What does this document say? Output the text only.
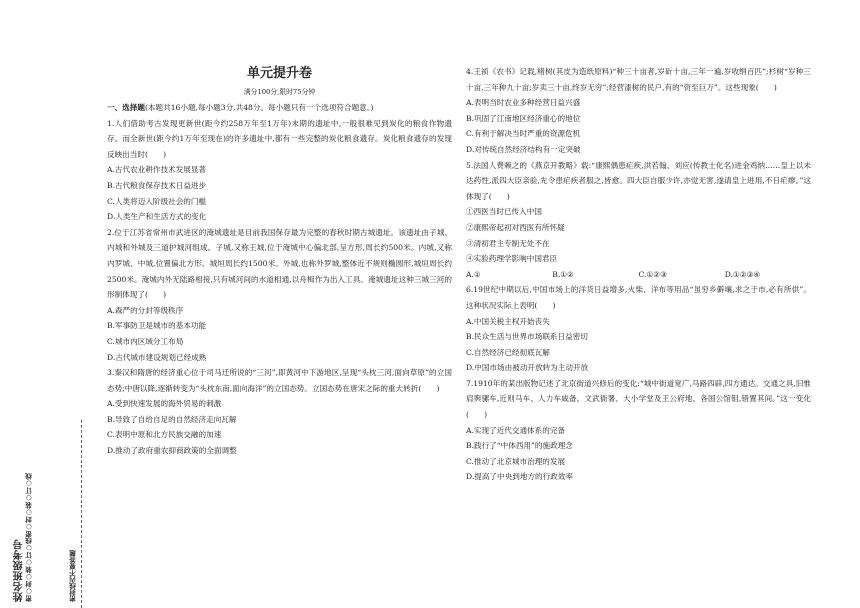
姓名班级考号 密○封○装○订○线密○封○装○订○线	密封线内不要答题
单元提升卷
满分100分,限时75分钟
一、选择题(本题共16小题,每小题3分,共48分。每小题只有一个选项符合题意。)

1.人们借助考古发现更新世(距今约258万年至1万年)末期的遗址中,一般很难见到炭化的粮食作物遗存。而全新世(距今约1万年至现在)的许多遗址中,都有一些完整的炭化粮食遗存。炭化粮食遗存的发现反映出当时(　　)

A.古代农业耕作技术发展显著
B.古代粮食保存技术日益进步
C.人类将迈入阶级社会的门槛
D.人类生产和生活方式的变化

2.位于江苏省常州市武进区的淹城遗址是目前我国保存最为完整的春秋时期古城遗址。该遗址由子城、内城和外城及三道护城河组成。子城,又称王城,位于淹城中心偏北部,呈方形,周长约500米。内城,又称内罗城、中城,位置偏北方形。城垣周长约1500米。外城,也称外罗城,整体近不规则椭圆形,城垣周长约2500米。淹城内外无陆路相接,只有城河间的水道相通,以舟楫作为出入工具。淹城遗址这种三城三河的形制体现了(　　)

A.森严的分封等级秩序
B.军事防卫是城市的基本功能
C.城市内区域分工布局
D.古代城市建设规划已经成熟

3.秦汉和隋唐的经济重心位于司马迁所说的“三河”,即黄河中下游地区,呈现“头枕三河,面向草原”的立国态势;中唐以降,逐渐转变为“头枕东南,面向海洋”的立国态势。立国态势在唐宋之际的重大转折(　　)

A.受到快速发展的海外贸易的刺激
B.导致了自给自足的自然经济走向瓦解
C.表明中原和北方民族交融的加速
D.推动了政府重农抑商政策的全面调整

4.王祯《农书》记载,楮树(其皮为造纸原料)“种三十亩者,岁斫十亩,三年一遍,岁收绢百匹”;杉树“岁种三十亩,三年种九十亩;岁卖三十亩,终岁无穷”;经营漆树的民户,有的“资至巨万”。这些现象(　　)

A.表明当时农业多种经营日益兴盛
B.巩固了江南地区经济重心的地位
C.有利于解决当时严重的资源危机
D.对传统自然经济结构有一定突破

5.法国人费赖之的《燕京开教略》载:“康熙偶患疟疾,洪若翰、刘应(传教士化名)进金鸡纳……皇上以未达药性,派四大臣亲验,先令患疟疾者服之,皆愈。四大臣自服少许,亦觉无害,遂请皇上进用,不日疟瘳。”这体现了(　　)

①西医当时已传入中国
②康熙帝起初对西医有所怀疑
③清初君主专制无处不在
④实验药理学影响中国君臣
A.①	B.①②	C.①②③	D.①②③④

6.19世纪中期以后,中国市场上的洋货日益增多,火柴、洋布等用品“虽穷乡僻壤,求之于市,必有所供”。这种状况实际上表明(　　)

A.中国关税主权开始丧失
B.民众生活与世界市场联系日益密切
C.自然经济已经彻底瓦解
D.中国市场由被动开放转为主动开放

7.1910年的某出版物记述了北京街道兴修后的变化:“城中街道宽广,马路四辟,四方通达。交通之具,旧惟肩舆骡车,近则马车、人力车咸备。文武衙署、大小学堂及王公府地、各国公馆钼,错置其间。”这一变化(　　)

A.实现了近代交通体系的完备
B.践行了“中体西用”的施政理念
C.推动了北京城市治理的发展
D.提高了中央到地方的行政效率
